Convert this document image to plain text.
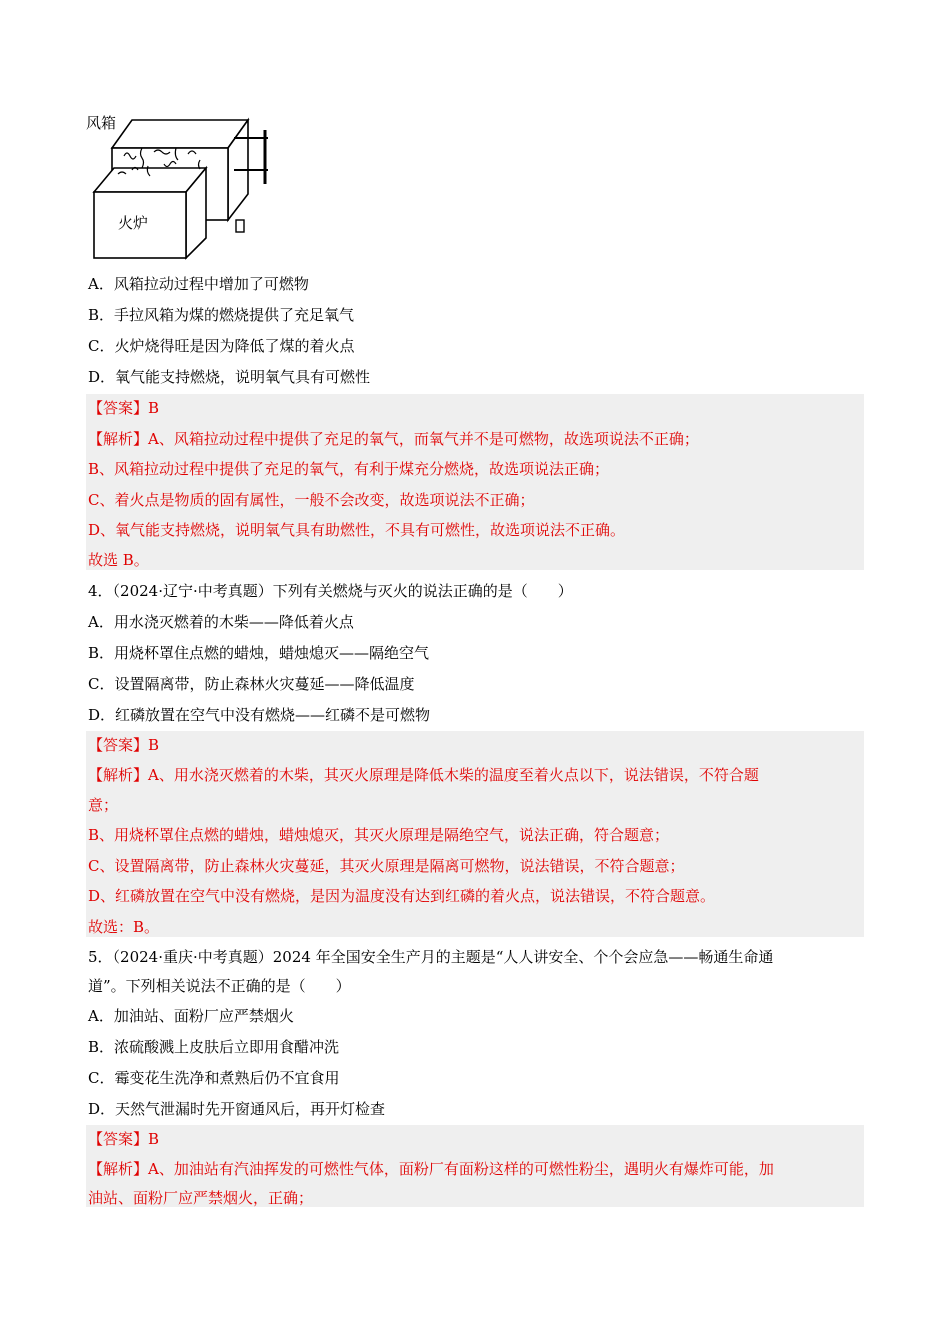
风箱
火炉
A．风箱拉动过程中增加了可燃物
B．手拉风箱为煤的燃烧提供了充足氧气
C．火炉烧得旺是因为降低了煤的着火点
D．氧气能支持燃烧，说明氧气具有可燃性
【答案】B
【解析】A、风箱拉动过程中提供了充足的氧气，而氧气并不是可燃物，故选项说法不正确；
B、风箱拉动过程中提供了充足的氧气，有利于煤充分燃烧，故选项说法正确；
C、着火点是物质的固有属性，一般不会改变，故选项说法不正确；
D、氧气能支持燃烧，说明氧气具有助燃性，不具有可燃性，故选项说法不正确。
故选 B。
4．（2024·辽宁·中考真题）下列有关燃烧与灭火的说法正确的是（　　）
A．用水浇灭燃着的木柴——降低着火点
B．用烧杯罩住点燃的蜡烛，蜡烛熄灭——隔绝空气
C．设置隔离带，防止森林火灾蔓延——降低温度
D．红磷放置在空气中没有燃烧——红磷不是可燃物
【答案】B
【解析】A、用水浇灭燃着的木柴，其灭火原理是降低木柴的温度至着火点以下，说法错误，不符合题
意；
B、用烧杯罩住点燃的蜡烛，蜡烛熄灭，其灭火原理是隔绝空气，说法正确，符合题意；
C、设置隔离带，防止森林火灾蔓延，其灭火原理是隔离可燃物，说法错误，不符合题意；
D、红磷放置在空气中没有燃烧，是因为温度没有达到红磷的着火点，说法错误，不符合题意。
故选：B。
5．（2024·重庆·中考真题）2024 年全国安全生产月的主题是“人人讲安全、个个会应急——畅通生命通
道”。下列相关说法不正确的是（　　）
A．加油站、面粉厂应严禁烟火
B．浓硫酸溅上皮肤后立即用食醋冲洗
C．霉变花生洗净和煮熟后仍不宜食用
D．天然气泄漏时先开窗通风后，再开灯检查
【答案】B
【解析】A、加油站有汽油挥发的可燃性气体，面粉厂有面粉这样的可燃性粉尘，遇明火有爆炸可能，加
油站、面粉厂应严禁烟火，正确；
